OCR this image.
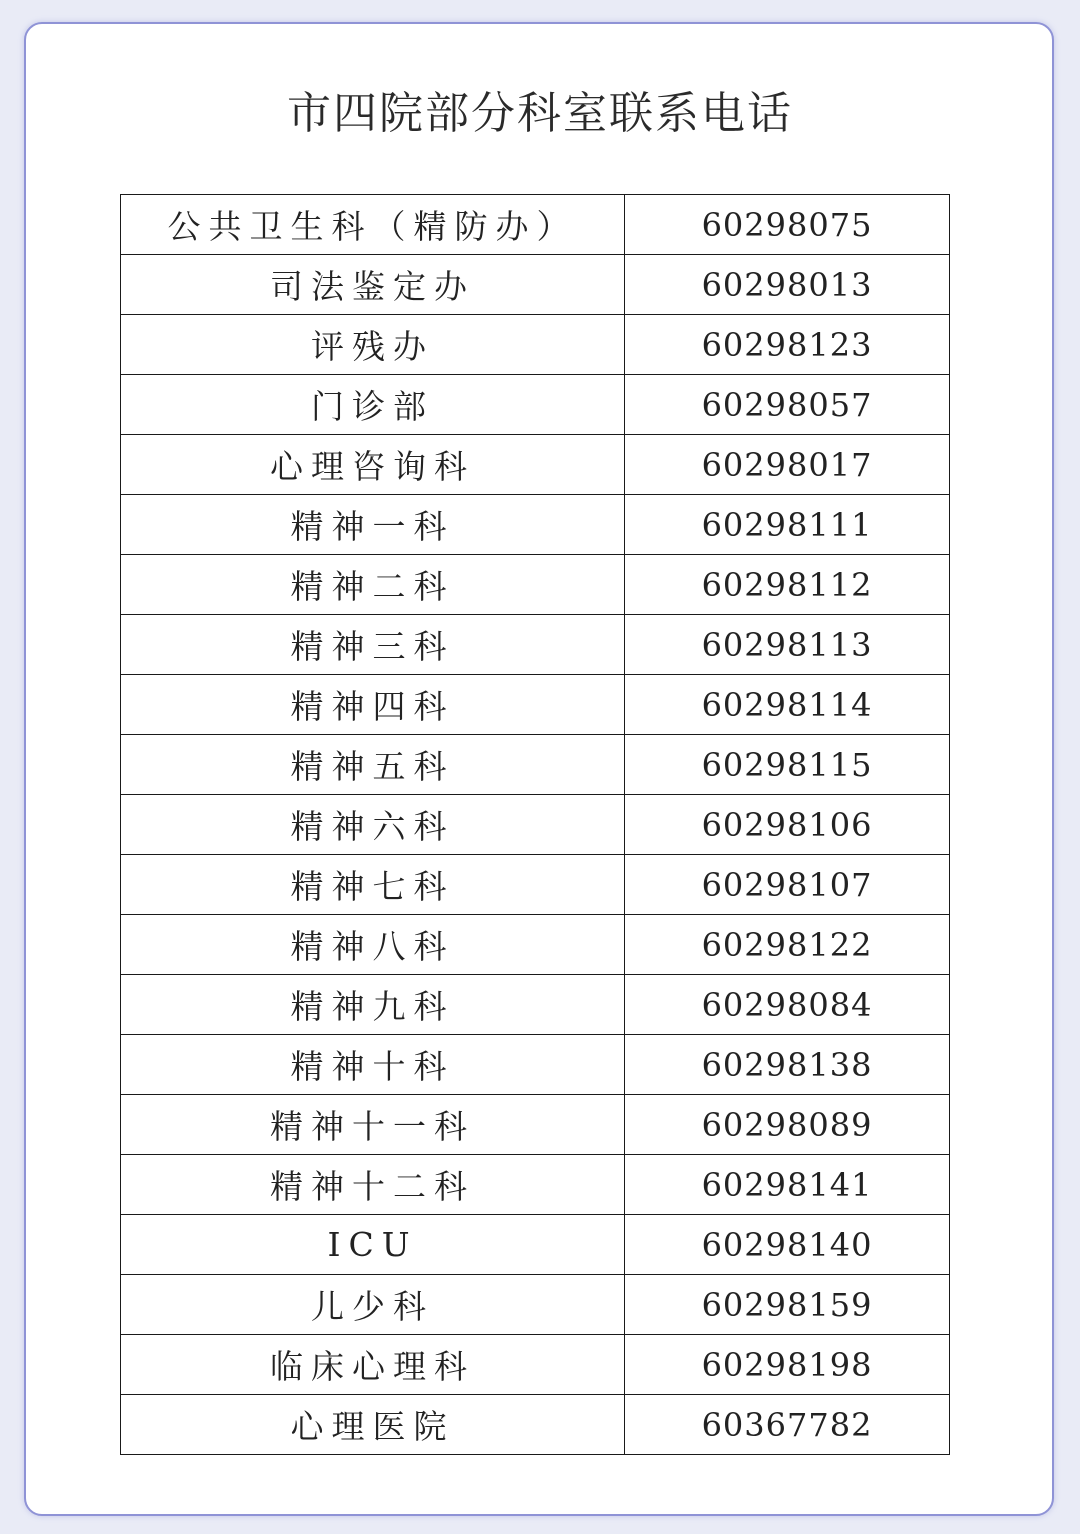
市四院部分科室联系电话
公共卫生科（精防办）	60298075
司法鉴定办	60298013
评残办	60298123
门诊部	60298057
心理咨询科	60298017
精神一科	60298111
精神二科	60298112
精神三科	60298113
精神四科	60298114
精神五科	60298115
精神六科	60298106
精神七科	60298107
精神八科	60298122
精神九科	60298084
精神十科	60298138
精神十一科	60298089
精神十二科	60298141
ICU	60298140
儿少科	60298159
临床心理科	60298198
心理医院	60367782
